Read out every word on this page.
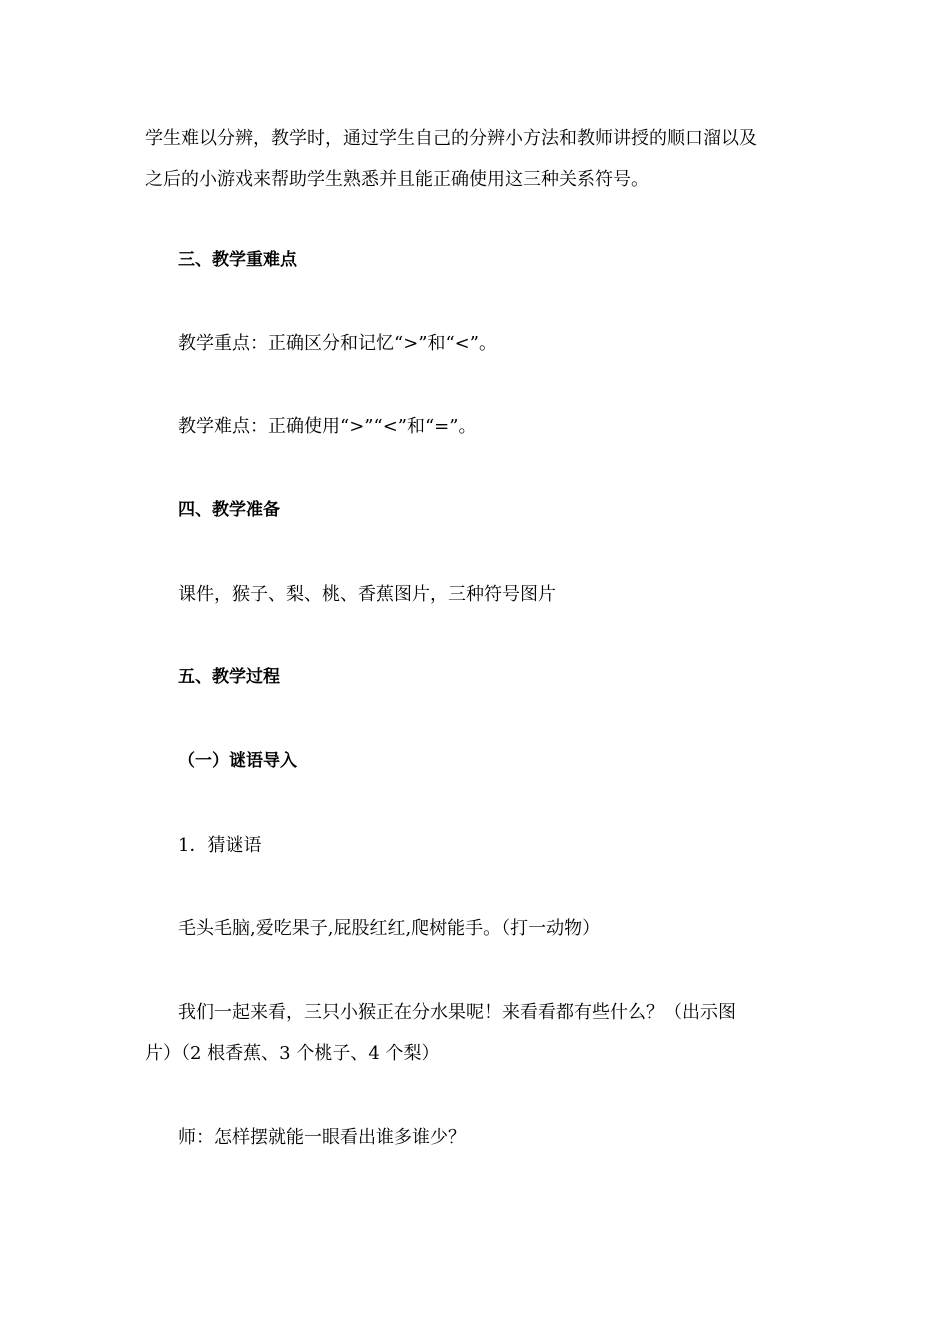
学生难以分辨，教学时，通过学生自己的分辨小方法和教师讲授的顺口溜以及
之后的小游戏来帮助学生熟悉并且能正确使用这三种关系符号。
三、教学重难点
教学重点：正确区分和记忆“>”和“<”。
教学难点：正确使用“>”“<”和“=”。
四、教学准备
课件，猴子、梨、桃、香蕉图片，三种符号图片
五、教学过程
（一）谜语导入
1．猜谜语
毛头毛脑,爱吃果子,屁股红红,爬树能手。（打一动物）
我们一起来看，三只小猴正在分水果呢！来看看都有些什么？（出示图
片）（2 根香蕉、3 个桃子、4 个梨）
师：怎样摆就能一眼看出谁多谁少？
